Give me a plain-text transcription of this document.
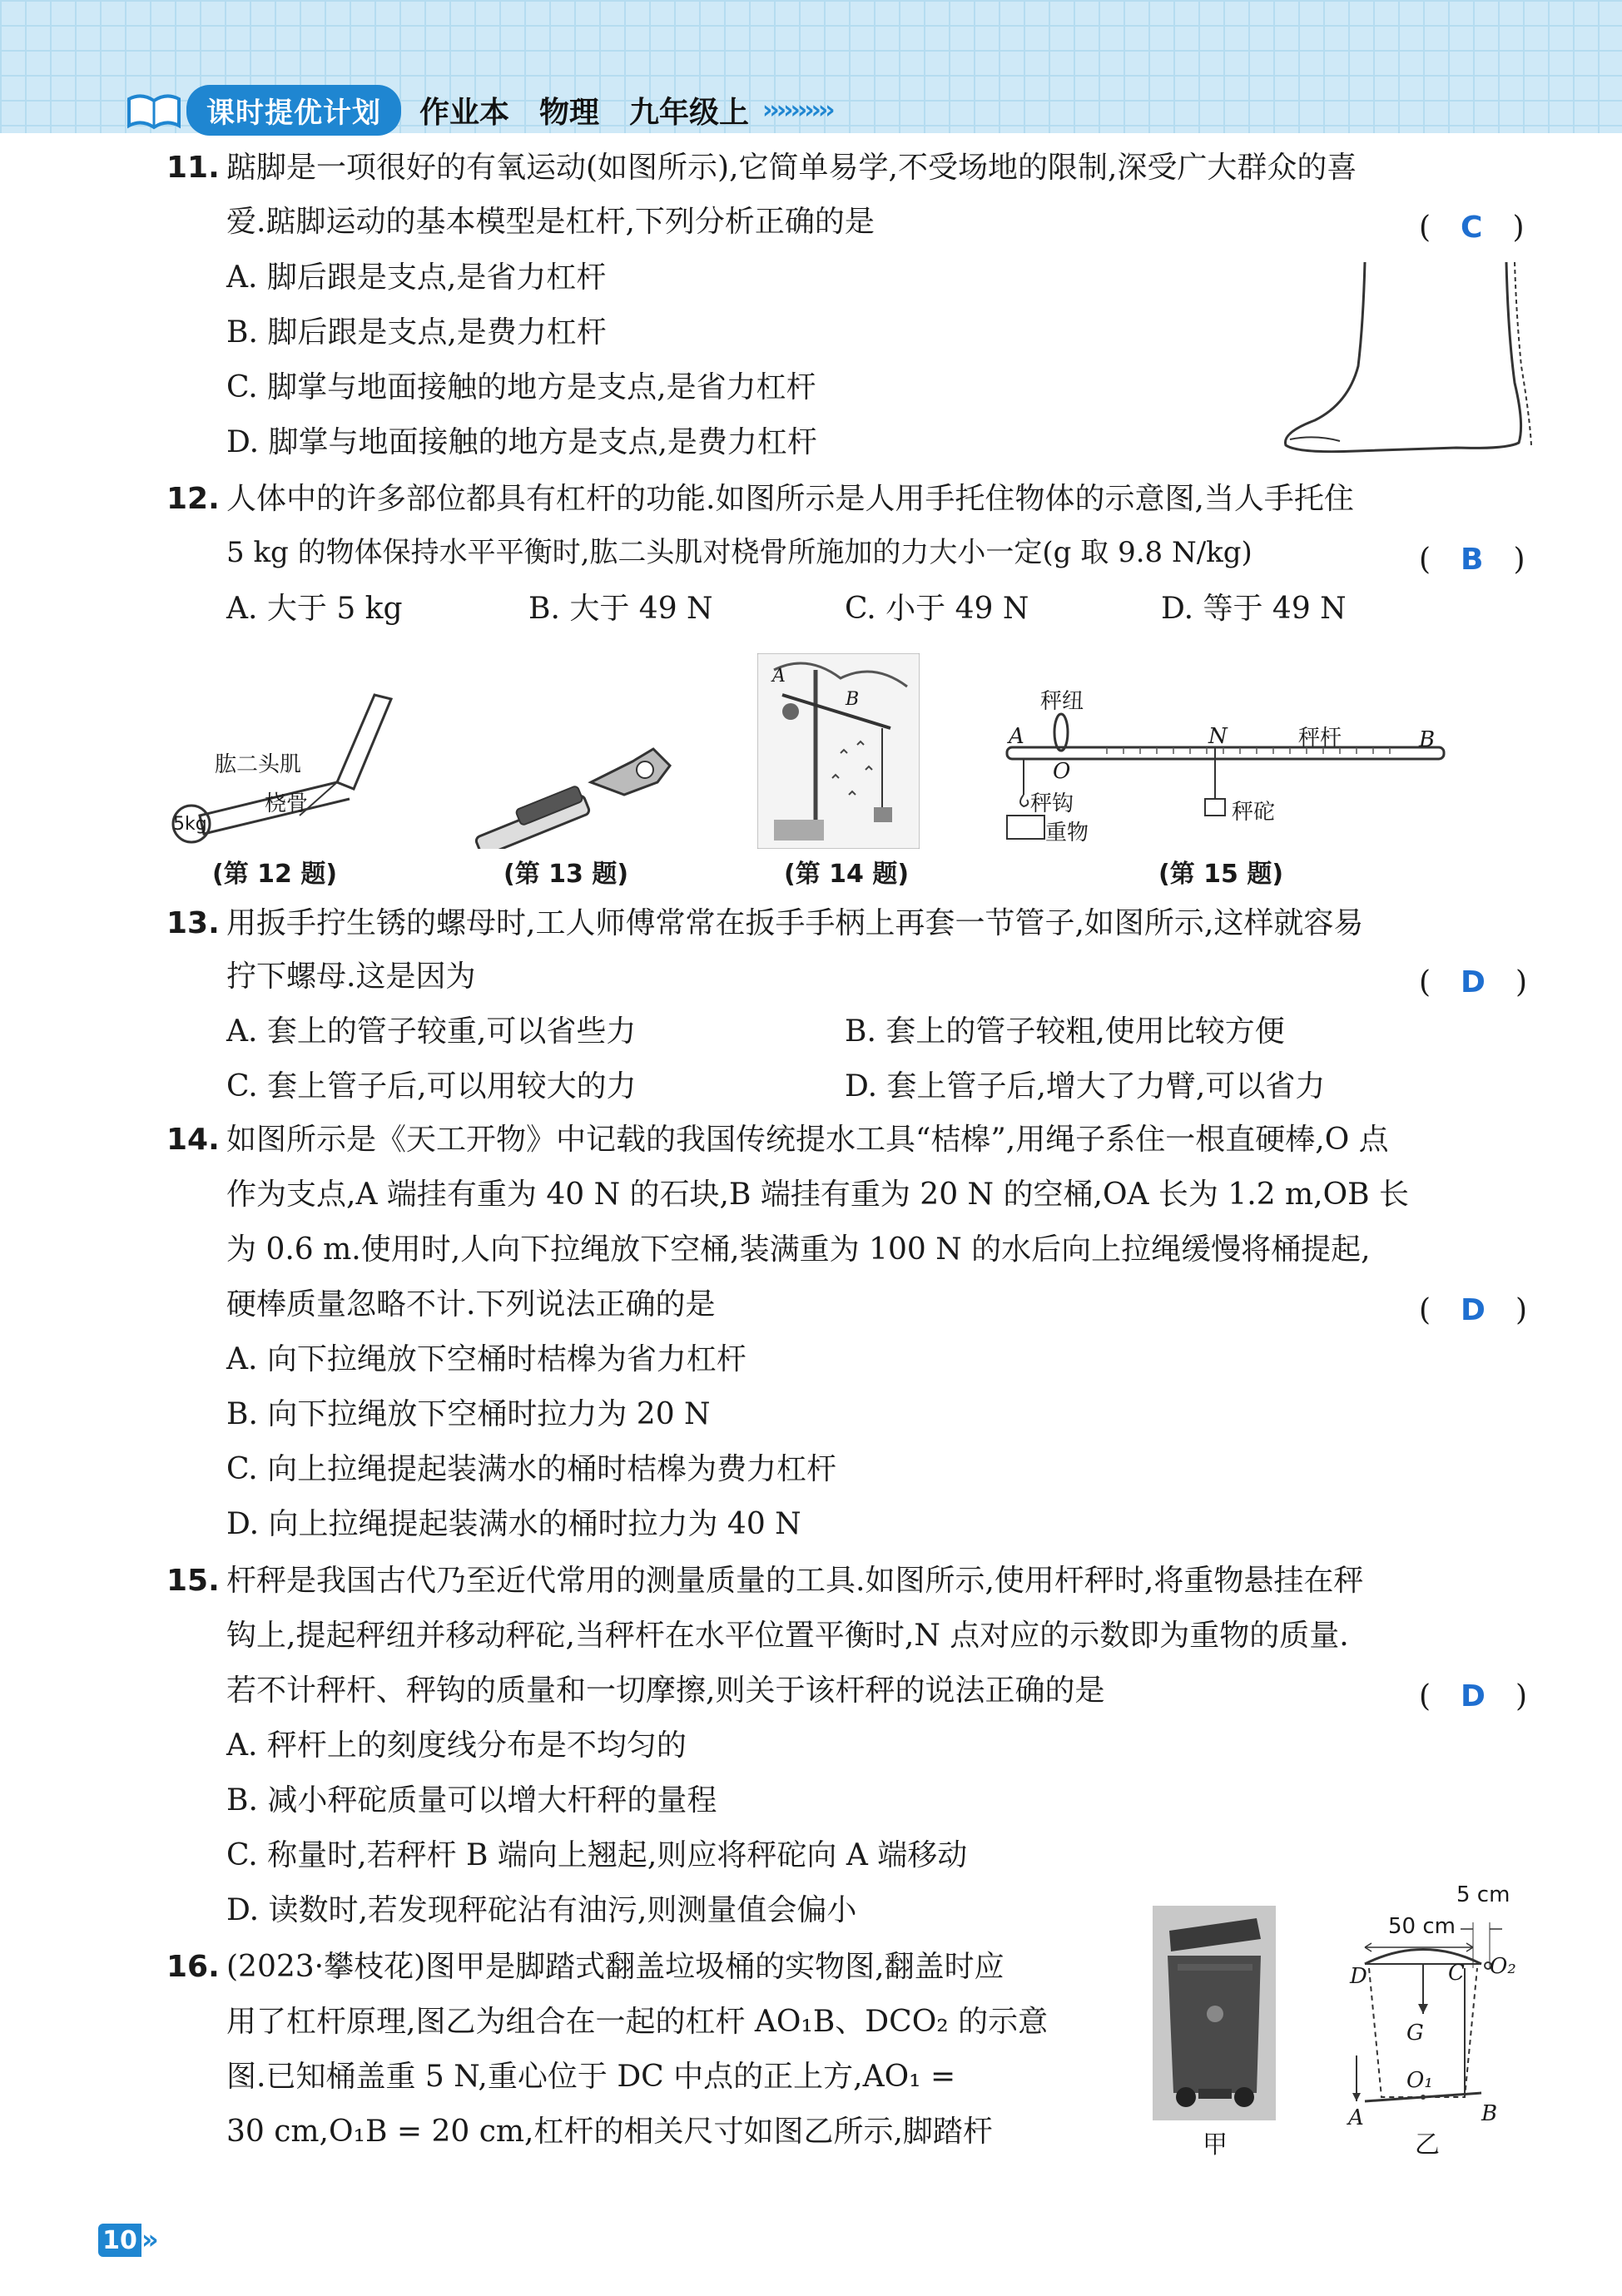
课时提优计划	作业本　物理　九年级上 ››››››››››
11. 踮脚是一项很好的有氧运动(如图所示),它简单易学,不受场地的限制,深受广大群众的喜
爱.踮脚运动的基本模型是杠杆,下列分析正确的是	(　C　)
A. 脚后跟是支点,是省力杠杆
B. 脚后跟是支点,是费力杠杆
C. 脚掌与地面接触的地方是支点,是省力杠杆
D. 脚掌与地面接触的地方是支点,是费力杠杆
12. 人体中的许多部位都具有杠杆的功能.如图所示是人用手托住物体的示意图,当人手托住
5 kg 的物体保持水平平衡时,肱二头肌对桡骨所施加的力大小一定(g 取 9.8 N/kg)	(　B　)
A. 大于 5 kg	B. 大于 49 N	C. 小于 49 N	D. 等于 49 N
肱二头肌
桡骨
5kg
(第 12 题)	(第 13 题)
A
B
(第 14 题)
秤纽
A
O
N	秤杆	B
秤钩
重物
秤砣
(第 15 题)
13. 用扳手拧生锈的螺母时,工人师傅常常在扳手手柄上再套一节管子,如图所示,这样就容易
拧下螺母.这是因为	(　D　)
A. 套上的管子较重,可以省些力	B. 套上的管子较粗,使用比较方便
C. 套上管子后,可以用较大的力	D. 套上管子后,增大了力臂,可以省力
14. 如图所示是《天工开物》中记载的我国传统提水工具“桔槔”,用绳子系住一根直硬棒,O 点
作为支点,A 端挂有重为 40 N 的石块,B 端挂有重为 20 N 的空桶,OA 长为 1.2 m,OB 长
为 0.6 m.使用时,人向下拉绳放下空桶,装满重为 100 N 的水后向上拉绳缓慢将桶提起,
硬棒质量忽略不计.下列说法正确的是	(　D　)
A. 向下拉绳放下空桶时桔槔为省力杠杆
B. 向下拉绳放下空桶时拉力为 20 N
C. 向上拉绳提起装满水的桶时桔槔为费力杠杆
D. 向上拉绳提起装满水的桶时拉力为 40 N
15. 杆秤是我国古代乃至近代常用的测量质量的工具.如图所示,使用杆秤时,将重物悬挂在秤
钩上,提起秤纽并移动秤砣,当秤杆在水平位置平衡时,N 点对应的示数即为重物的质量.
若不计秤杆、秤钩的质量和一切摩擦,则关于该杆秤的说法正确的是	(　D　)
A. 秤杆上的刻度线分布是不均匀的
B. 减小秤砣质量可以增大杆秤的量程
C. 称量时,若秤杆 B 端向上翘起,则应将秤砣向 A 端移动
D. 读数时,若发现秤砣沾有油污,则测量值会偏小
16. (2023·攀枝花)图甲是脚踏式翻盖垃圾桶的实物图,翻盖时应
用了杠杆原理,图乙为组合在一起的杠杆 AO₁B、DCO₂ 的示意
图.已知桶盖重 5 N,重心位于 DC 中点的正上方,AO₁ =
30 cm,O₁B = 20 cm,杠杆的相关尺寸如图乙所示,脚踏杆	甲
5 cm
50 cm
D	C O₂
G
O₁
A	B
乙
10 »
